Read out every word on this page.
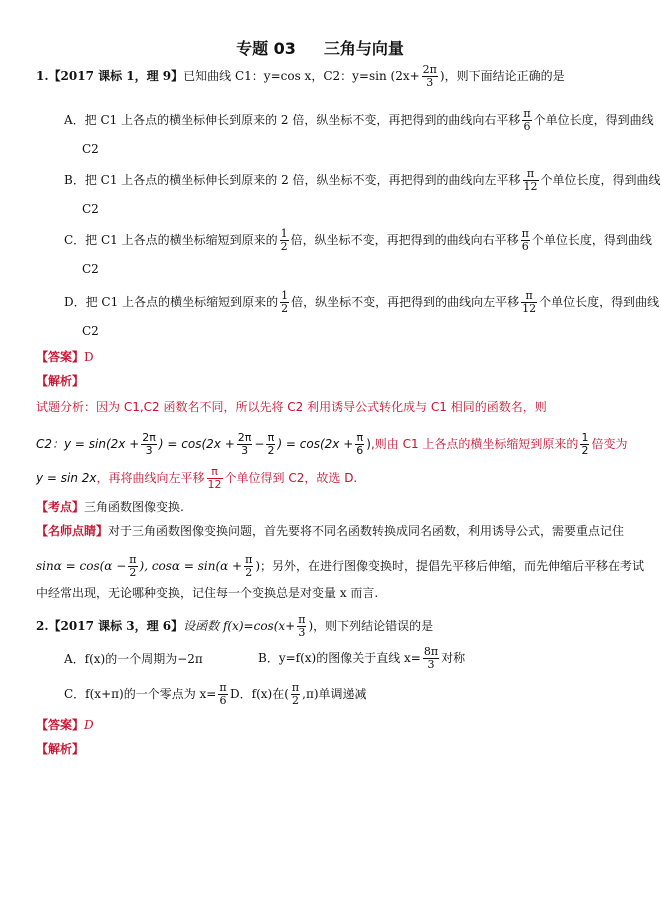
专题 03 三角与向量
1.【2017 课标 1，理 9】已知曲线 C1：y=cos x，C2：y=sin ($2x+ \frac{2\pi}{3}$ )，则下面结论正确的是
A．把 C1 上各点的横坐标伸长到原来的 2 倍，纵坐标不变，再把得到的曲线向右平移 $\frac{\pi}{6}$ 个单位长度，得到曲线
C2
B．把 C1 上各点的横坐标伸长到原来的 2 倍，纵坐标不变，再把得到的曲线向左平移 $\frac{\pi}{12}$ 个单位长度，得到曲线
C2
C．把 C1 上各点的横坐标缩短到原来的 $\frac{1}{2}$ 倍，纵坐标不变，再把得到的曲线向右平移 $\frac{\pi}{6}$ 个单位长度，得到曲线
C2
D．把 C1 上各点的横坐标缩短到原来的 $\frac{1}{2}$ 倍，纵坐标不变，再把得到的曲线向左平移 $\frac{\pi}{12}$ 个单位长度，得到曲线
C2
【答案】D
【解析】
试题分析：因为 C1,C2 函数名不同，所以先将 C2 利用诱导公式转化成与 C1 相同的函数名，则
C2：$y = \sin(2x + \frac{2\pi}{3}$ ) = $\cos(2x + \frac{2\pi}{3} - \frac{\pi}{2}$ ) = $\cos(2x + \frac{\pi}{6}$ ),则由 C1 上各点的横坐标缩短到原来的 $\frac{1}{2}$ 倍变为
y = sin 2x，再将曲线向左平移 $\frac{\pi}{12}$ 个单位得到 C2，故选 D.
【考点】三角函数图像变换.
【名师点睛】对于三角函数图像变换问题，首先要将不同名函数转换成同名函数，利用诱导公式，需要重点记住
$\sin\alpha = \cos(\alpha - \frac{\pi}{2}$ ), $\cos\alpha = \sin(\alpha + \frac{\pi}{2}$ )；另外，在进行图像变换时，提倡先平移后伸缩，而先伸缩后平移在考试
中经常出现，无论哪种变换，记住每一个变换总是对变量 x 而言.
2.【2017 课标 3，理 6】设函数 $f(x)=\cos(x+ \frac{\pi}{3}$ )，则下列结论错误的是
A．f(x)的一个周期为−2π	B．y=f(x)的图像关于直线 $x= \frac{8\pi}{3}$ 对称
C．f(x+π)的一个零点为 $x= \frac{\pi}{6}$ D．f(x)在( $\frac{\pi}{2} ,\pi$)单调递减
【答案】D
【解析】
